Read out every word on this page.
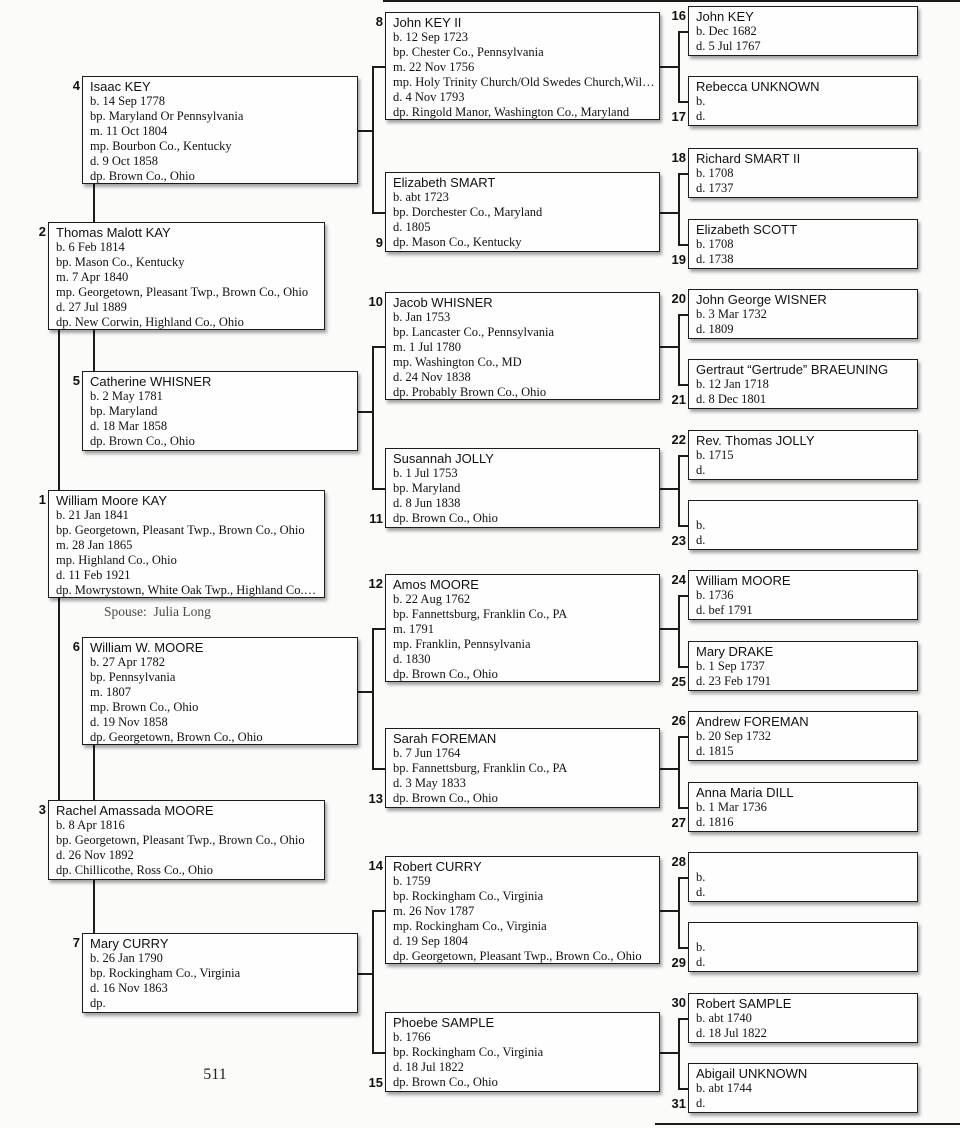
1
2
3
4
5
6
7
8
9
10
11
12
13
14
15
16
17
18
19
20
21
22
23
24
25
26
27
28
29
30
31
William Moore KAY
b. 21 Jan 1841
bp. Georgetown, Pleasant Twp., Brown Co., Ohio
m. 28 Jan 1865
mp. Highland Co., Ohio
d. 11 Feb 1921
dp. Mowrystown, White Oak Twp., Highland Co.…
Thomas Malott KAY
b. 6 Feb 1814
bp. Mason Co., Kentucky
m. 7 Apr 1840
mp. Georgetown, Pleasant Twp., Brown Co., Ohio
d. 27 Jul 1889
dp. New Corwin, Highland Co., Ohio
Rachel Amassada MOORE
b. 8 Apr 1816
bp. Georgetown, Pleasant Twp., Brown Co., Ohio
d. 26 Nov 1892
dp. Chillicothe, Ross Co., Ohio
Isaac KEY
b. 14 Sep 1778
bp. Maryland Or Pennsylvania
m. 11 Oct 1804
mp. Bourbon Co., Kentucky
d. 9 Oct 1858
dp. Brown Co., Ohio
Catherine WHISNER
b. 2 May 1781
bp. Maryland
d. 18 Mar 1858
dp. Brown Co., Ohio
William W. MOORE
b. 27 Apr 1782
bp. Pennsylvania
m. 1807
mp. Brown Co., Ohio
d. 19 Nov 1858
dp. Georgetown, Brown Co., Ohio
Mary CURRY
b. 26 Jan 1790
bp. Rockingham Co., Virginia
d. 16 Nov 1863
dp.
John KEY II
b. 12 Sep 1723
bp. Chester Co., Pennsylvania
m. 22 Nov 1756
mp. Holy Trinity Church/Old Swedes Church,Wil…
d. 4 Nov 1793
dp. Ringold Manor, Washington Co., Maryland
Elizabeth SMART
b. abt 1723
bp. Dorchester Co., Maryland
d. 1805
dp. Mason Co., Kentucky
Jacob WHISNER
b. Jan 1753
bp. Lancaster Co., Pennsylvania
m. 1 Jul 1780
mp. Washington Co., MD
d. 24 Nov 1838
dp. Probably Brown Co., Ohio
Susannah JOLLY
b. 1 Jul 1753
bp. Maryland
d. 8 Jun 1838
dp. Brown Co., Ohio
Amos MOORE
b. 22 Aug 1762
bp. Fannettsburg, Franklin Co., PA
m. 1791
mp. Franklin, Pennsylvania
d. 1830
dp. Brown Co., Ohio
Sarah FOREMAN
b. 7 Jun 1764
bp. Fannettsburg, Franklin Co., PA
d. 3 May 1833
dp. Brown Co., Ohio
Robert CURRY
b. 1759
bp. Rockingham Co., Virginia
m. 26 Nov 1787
mp. Rockingham Co., Virginia
d. 19 Sep 1804
dp. Georgetown, Pleasant Twp., Brown Co., Ohio
Phoebe SAMPLE
b. 1766
bp. Rockingham Co., Virginia
d. 18 Jul 1822
dp. Brown Co., Ohio
John KEY
b. Dec 1682
d. 5 Jul 1767
Rebecca UNKNOWN
b.
d.
Richard SMART II
b. 1708
d. 1737
Elizabeth SCOTT
b. 1708
d. 1738
John George WISNER
b. 3 Mar 1732
d. 1809
Gertraut “Gertrude” BRAEUNING
b. 12 Jan 1718
d. 8 Dec 1801
Rev. Thomas JOLLY
b. 1715
d.
b.
d.
William MOORE
b. 1736
d. bef 1791
Mary DRAKE
b. 1 Sep 1737
d. 23 Feb 1791
Andrew FOREMAN
b. 20 Sep 1732
d. 1815
Anna Maria DILL
b. 1 Mar 1736
d. 1816
b.
d.
b.
d.
Robert SAMPLE
b. abt 1740
d. 18 Jul 1822
Abigail UNKNOWN
b. abt 1744
d.
Spouse:  Julia Long
511
